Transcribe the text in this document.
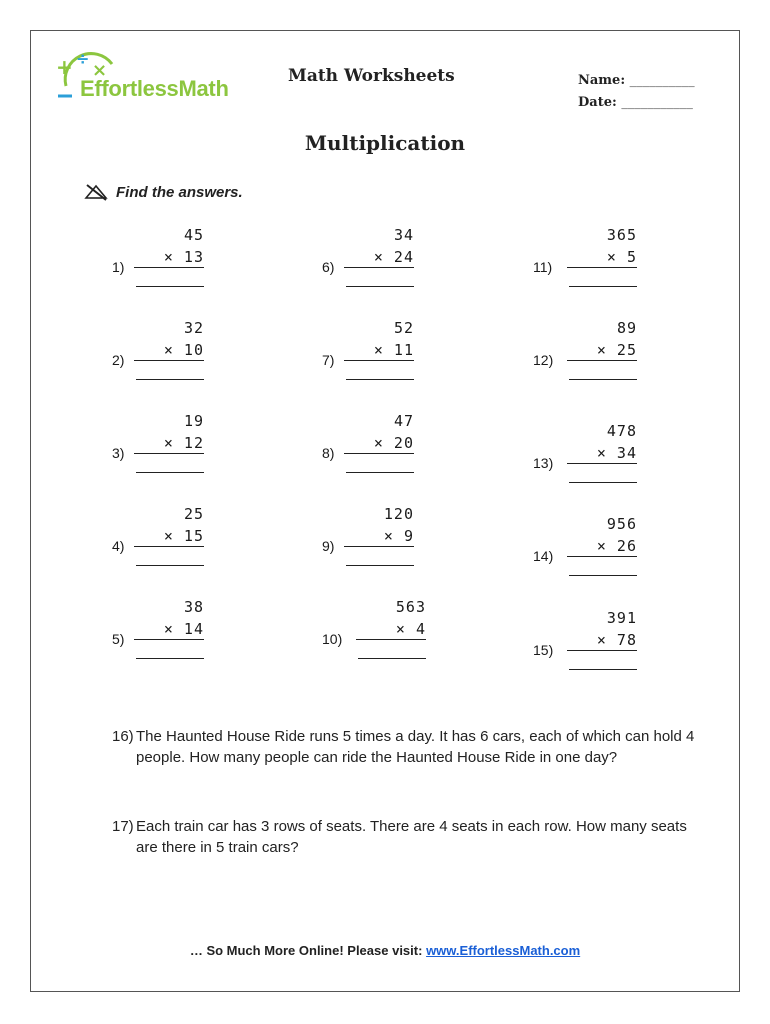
+ ÷
×
EffortlessMath	Math Worksheets	Name: __________
Date: ___________
Multiplication
Find the answers.
1)
45
× 13
2)
32
× 10
3)
19
× 12
4)
25
× 15
5)
38
× 14
6)
34
× 24
7)
52
× 11
8)
47
× 20
9)
120
× 9
10)
563
× 4
11)
365
× 5
12)
89
× 25
13)
478
× 34
14)
956
× 26
15)
391
× 78
16) The Haunted House Ride runs 5 times a day. It has 6 cars, each of which can hold 4 people. How many people can ride the Haunted House Ride in one day?
17) Each train car has 3 rows of seats. There are 4 seats in each row. How many seats are there in 5 train cars?
… So Much More Online! Please visit: www.EffortlessMath.com
